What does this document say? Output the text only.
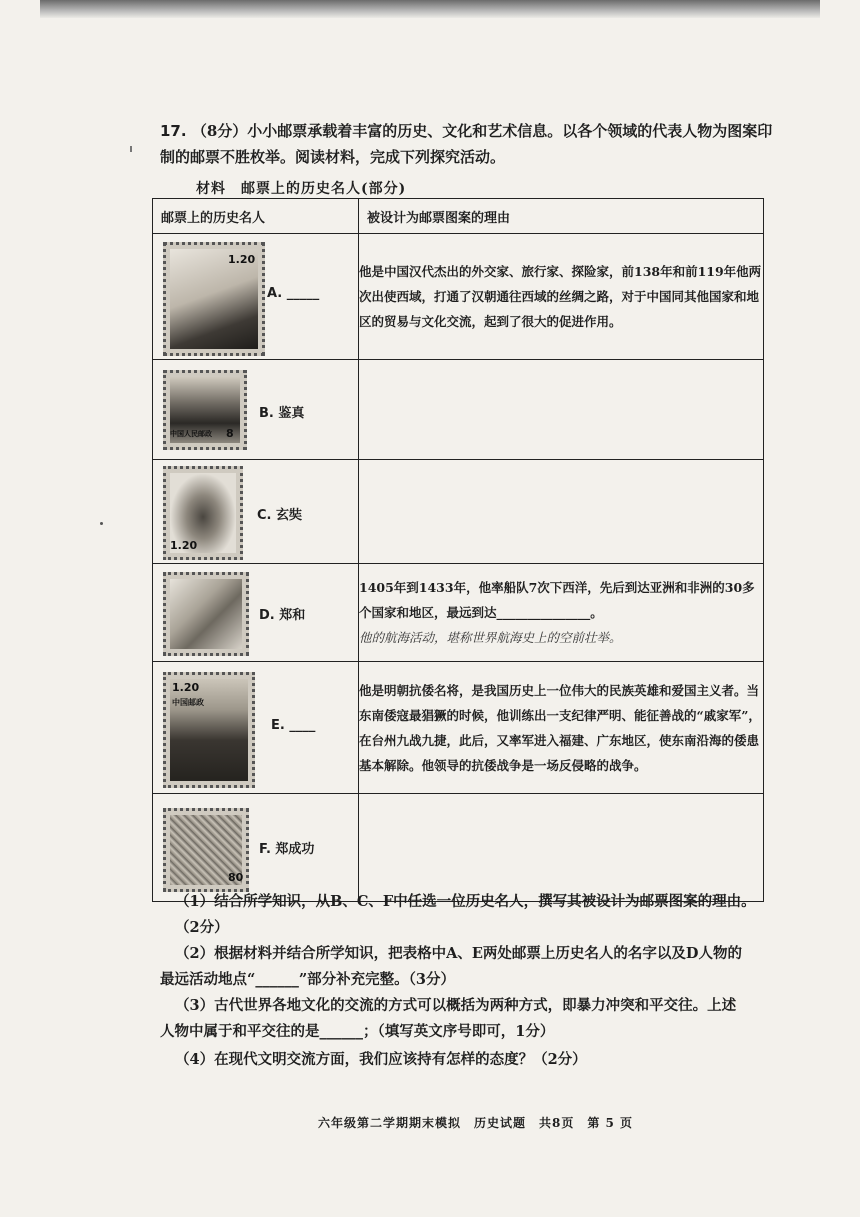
17. （8分）小小邮票承载着丰富的历史、文化和艺术信息。以各个领域的代表人物为图案印制的邮票不胜枚举。阅读材料，完成下列探究活动。
材料　邮票上的历史名人(部分)
邮票上的历史名人	被设计为邮票图案的理由

1.20
A. _____	他是中国汉代杰出的外交家、旅行家、探险家，前138年和前119年他两次出使西域，打通了汉朝通往西域的丝绸之路，对于中国同其他国家和地区的贸易与文化交流，起到了很大的促进作用。

中国人民邮政 8
B. 鉴真	

1.20
C. 玄奘	

D. 郑和	1405年到1433年，他率船队7次下西洋，先后到达亚洲和非洲的30多个国家和地区，最远到达_______________。
他的航海活动，堪称世界航海史上的空前壮举。

1.20
中国邮政
E. ____	他是明朝抗倭名将，是我国历史上一位伟大的民族英雄和爱国主义者。当东南倭寇最猖獗的时候，他训练出一支纪律严明、能征善战的“戚家军”，在台州九战九捷，此后，又率军进入福建、广东地区，使东南沿海的倭患基本解除。他领导的抗倭战争是一场反侵略的战争。

80
F. 郑成功	

（1）结合所学知识，从B、C、F中任选一位历史名人，撰写其被设计为邮票图案的理由。
（2分）
（2）根据材料并结合所学知识，把表格中A、E两处邮票上历史名人的名字以及D人物的
最远活动地点“______”部分补充完整。（3分）
（3）古代世界各地文化的交流的方式可以概括为两种方式，即暴力冲突和平交往。上述
人物中属于和平交往的是______；（填写英文序号即可，1分）
（4）在现代文明交流方面，我们应该持有怎样的态度？（2分）
六年级第二学期期末模拟　历史试题　共8页　第 5 页
